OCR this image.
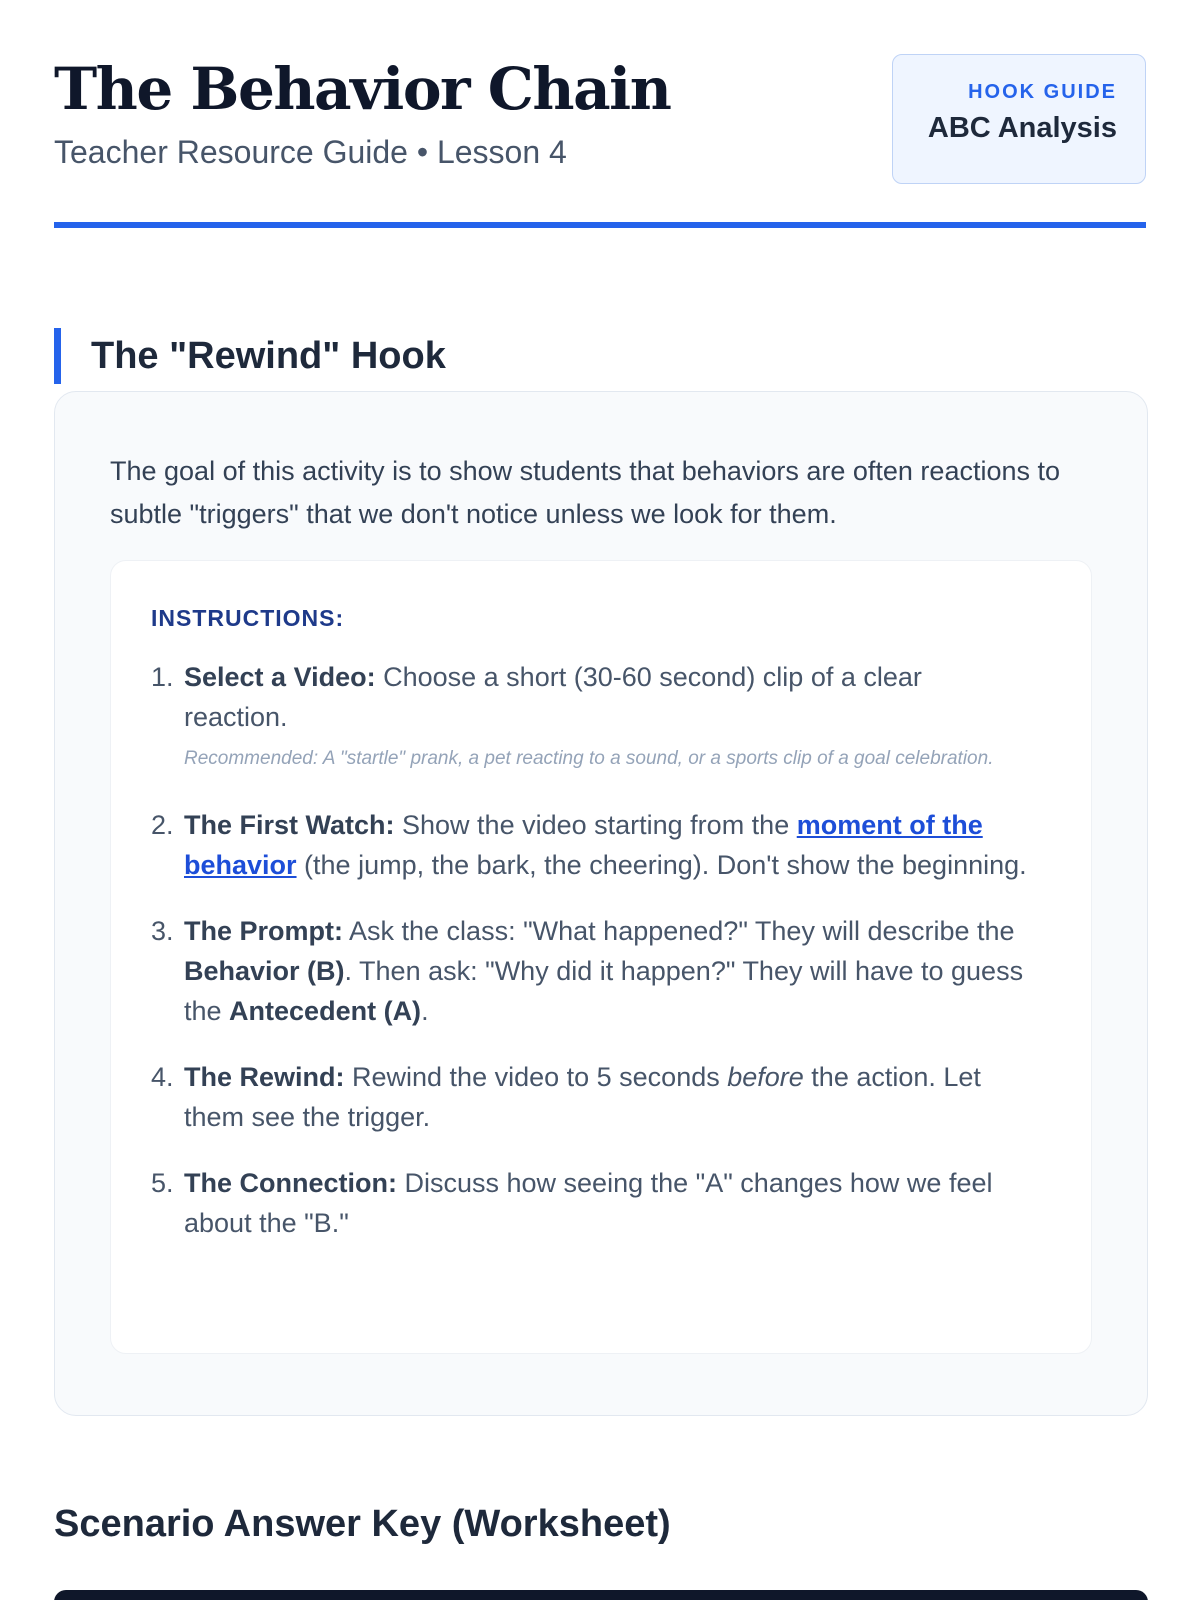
The Behavior Chain
Teacher Resource Guide • Lesson 4
HOOK GUIDE
ABC Analysis
The "Rewind" Hook

The goal of this activity is to show students that behaviors are often reactions to subtle "triggers" that we don't notice unless we look for them.

INSTRUCTIONS:
1. Select a Video: Choose a short (30-60 second) clip of a clear reaction.
Recommended: A "startle" prank, a pet reacting to a sound, or a sports clip of a goal celebration.
2. The First Watch: Show the video starting from the moment of the behavior (the jump, the bark, the cheering). Don't show the beginning.
3. The Prompt: Ask the class: "What happened?" They will describe the Behavior (B). Then ask: "Why did it happen?" They will have to guess the Antecedent (A).
4. The Rewind: Rewind the video to 5 seconds before the action. Let them see the trigger.
5. The Connection: Discuss how seeing the "A" changes how we feel about the "B."
Scenario Answer Key (Worksheet)
